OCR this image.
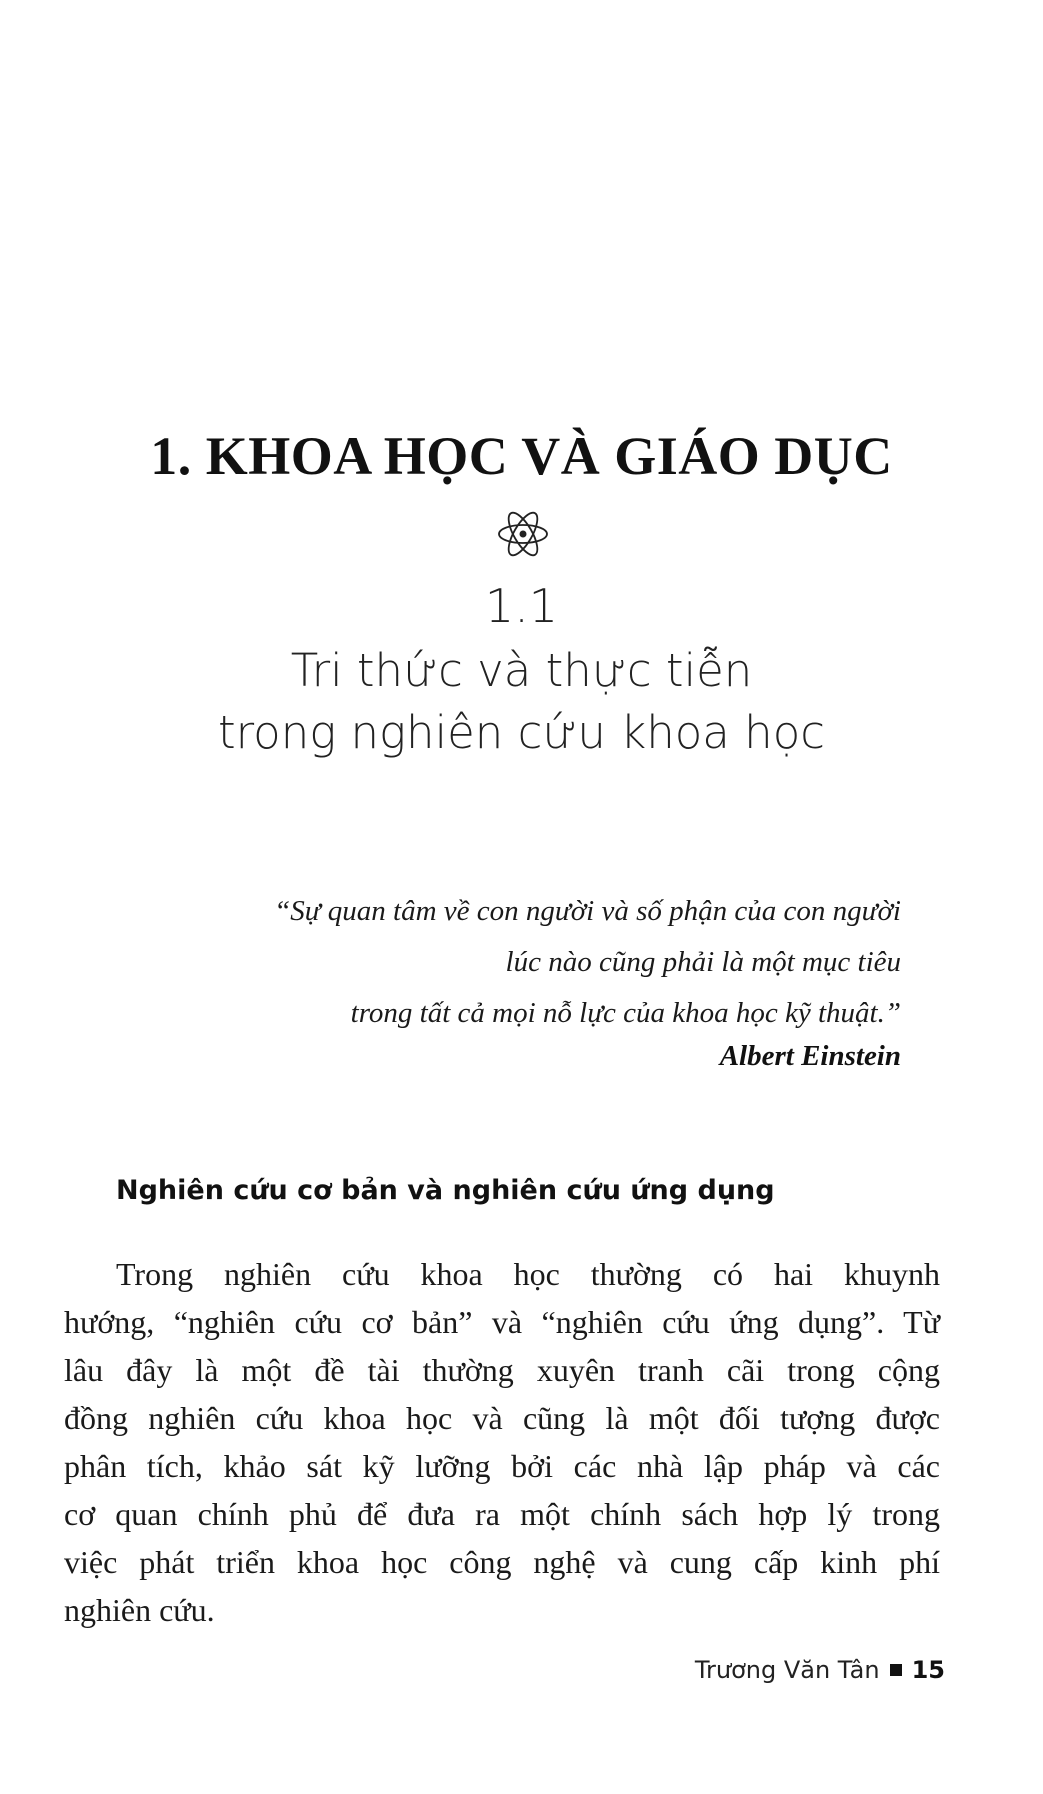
1. KHOA HỌC VÀ GIÁO DỤC
1.1
Tri thức và thực tiễn
trong nghiên cứu khoa học
“Sự quan tâm về con người và số phận của con người
lúc nào cũng phải là một mục tiêu
trong tất cả mọi nỗ lực của khoa học kỹ thuật.”
Albert Einstein
Nghiên cứu cơ bản và nghiên cứu ứng dụng

Trong nghiên cứu khoa học thường có hai khuynh
hướng, “nghiên cứu cơ bản” và “nghiên cứu ứng dụng”. Từ
lâu đây là một đề tài thường xuyên tranh cãi trong cộng
đồng nghiên cứu khoa học và cũng là một đối tượng được
phân tích, khảo sát kỹ lưỡng bởi các nhà lập pháp và các
cơ quan chính phủ để đưa ra một chính sách hợp lý trong
việc phát triển khoa học công nghệ và cung cấp kinh phí
nghiên cứu.

Trương Văn Tân 15
